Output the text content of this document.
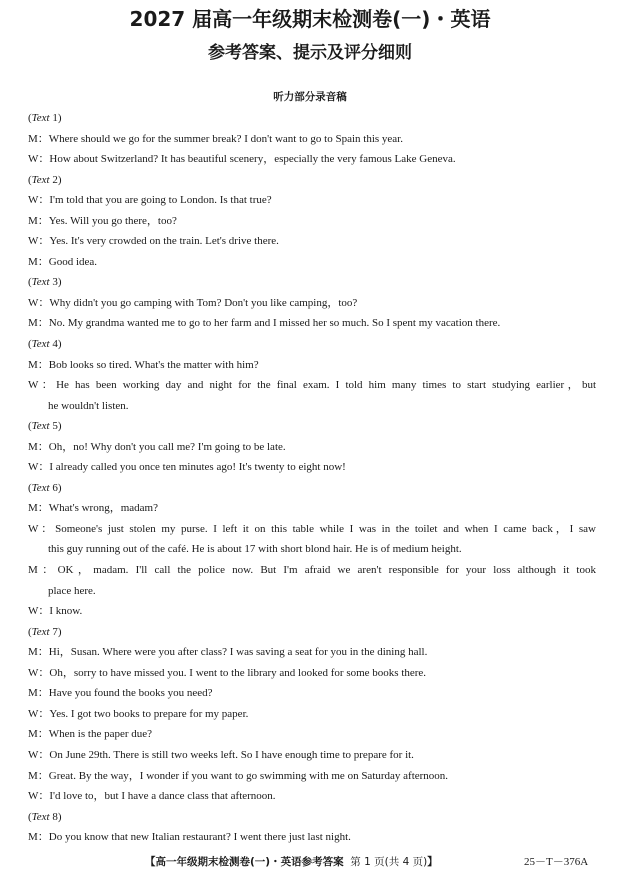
2027 届高一年级期末检测卷(一)・英语
参考答案、提示及评分细则
听力部分录音稿
(Text 1)
M：Where should we go for the summer break? I don't want to go to Spain this year.
W：How about Switzerland? It has beautiful scenery，especially the very famous Lake Geneva.
(Text 2)
W：I'm told that you are going to London. Is that true?
M：Yes. Will you go there，too?
W：Yes. It's very crowded on the train. Let's drive there.
M：Good idea.
(Text 3)
W：Why didn't you go camping with Tom? Don't you like camping，too?
M：No. My grandma wanted me to go to her farm and I missed her so much. So I spent my vacation there.
(Text 4)
M：Bob looks so tired. What's the matter with him?
W：He has been working day and night for the final exam. I told him many times to start studying earlier，but
he wouldn't listen.
(Text 5)
M：Oh，no! Why don't you call me? I'm going to be late.
W：I already called you once ten minutes ago! It's twenty to eight now!
(Text 6)
M：What's wrong，madam?
W：Someone's just stolen my purse. I left it on this table while I was in the toilet and when I came back，I saw
this guy running out of the café. He is about 17 with short blond hair. He is of medium height.
M：OK，madam. I'll call the police now. But I'm afraid we aren't responsible for your loss although it took
place here.
W：I know.
(Text 7)
M：Hi，Susan. Where were you after class? I was saving a seat for you in the dining hall.
W：Oh，sorry to have missed you. I went to the library and looked for some books there.
M：Have you found the books you need?
W：Yes. I got two books to prepare for my paper.
M：When is the paper due?
W：On June 29th. There is still two weeks left. So I have enough time to prepare for it.
M：Great. By the way，I wonder if you want to go swimming with me on Saturday afternoon.
W：I'd love to，but I have a dance class that afternoon.
(Text 8)
M：Do you know that new Italian restaurant? I went there just last night.
【高一年级期末检测卷(一)・英语参考答案 第 1 页(共 4 页)】	25－T－376A
